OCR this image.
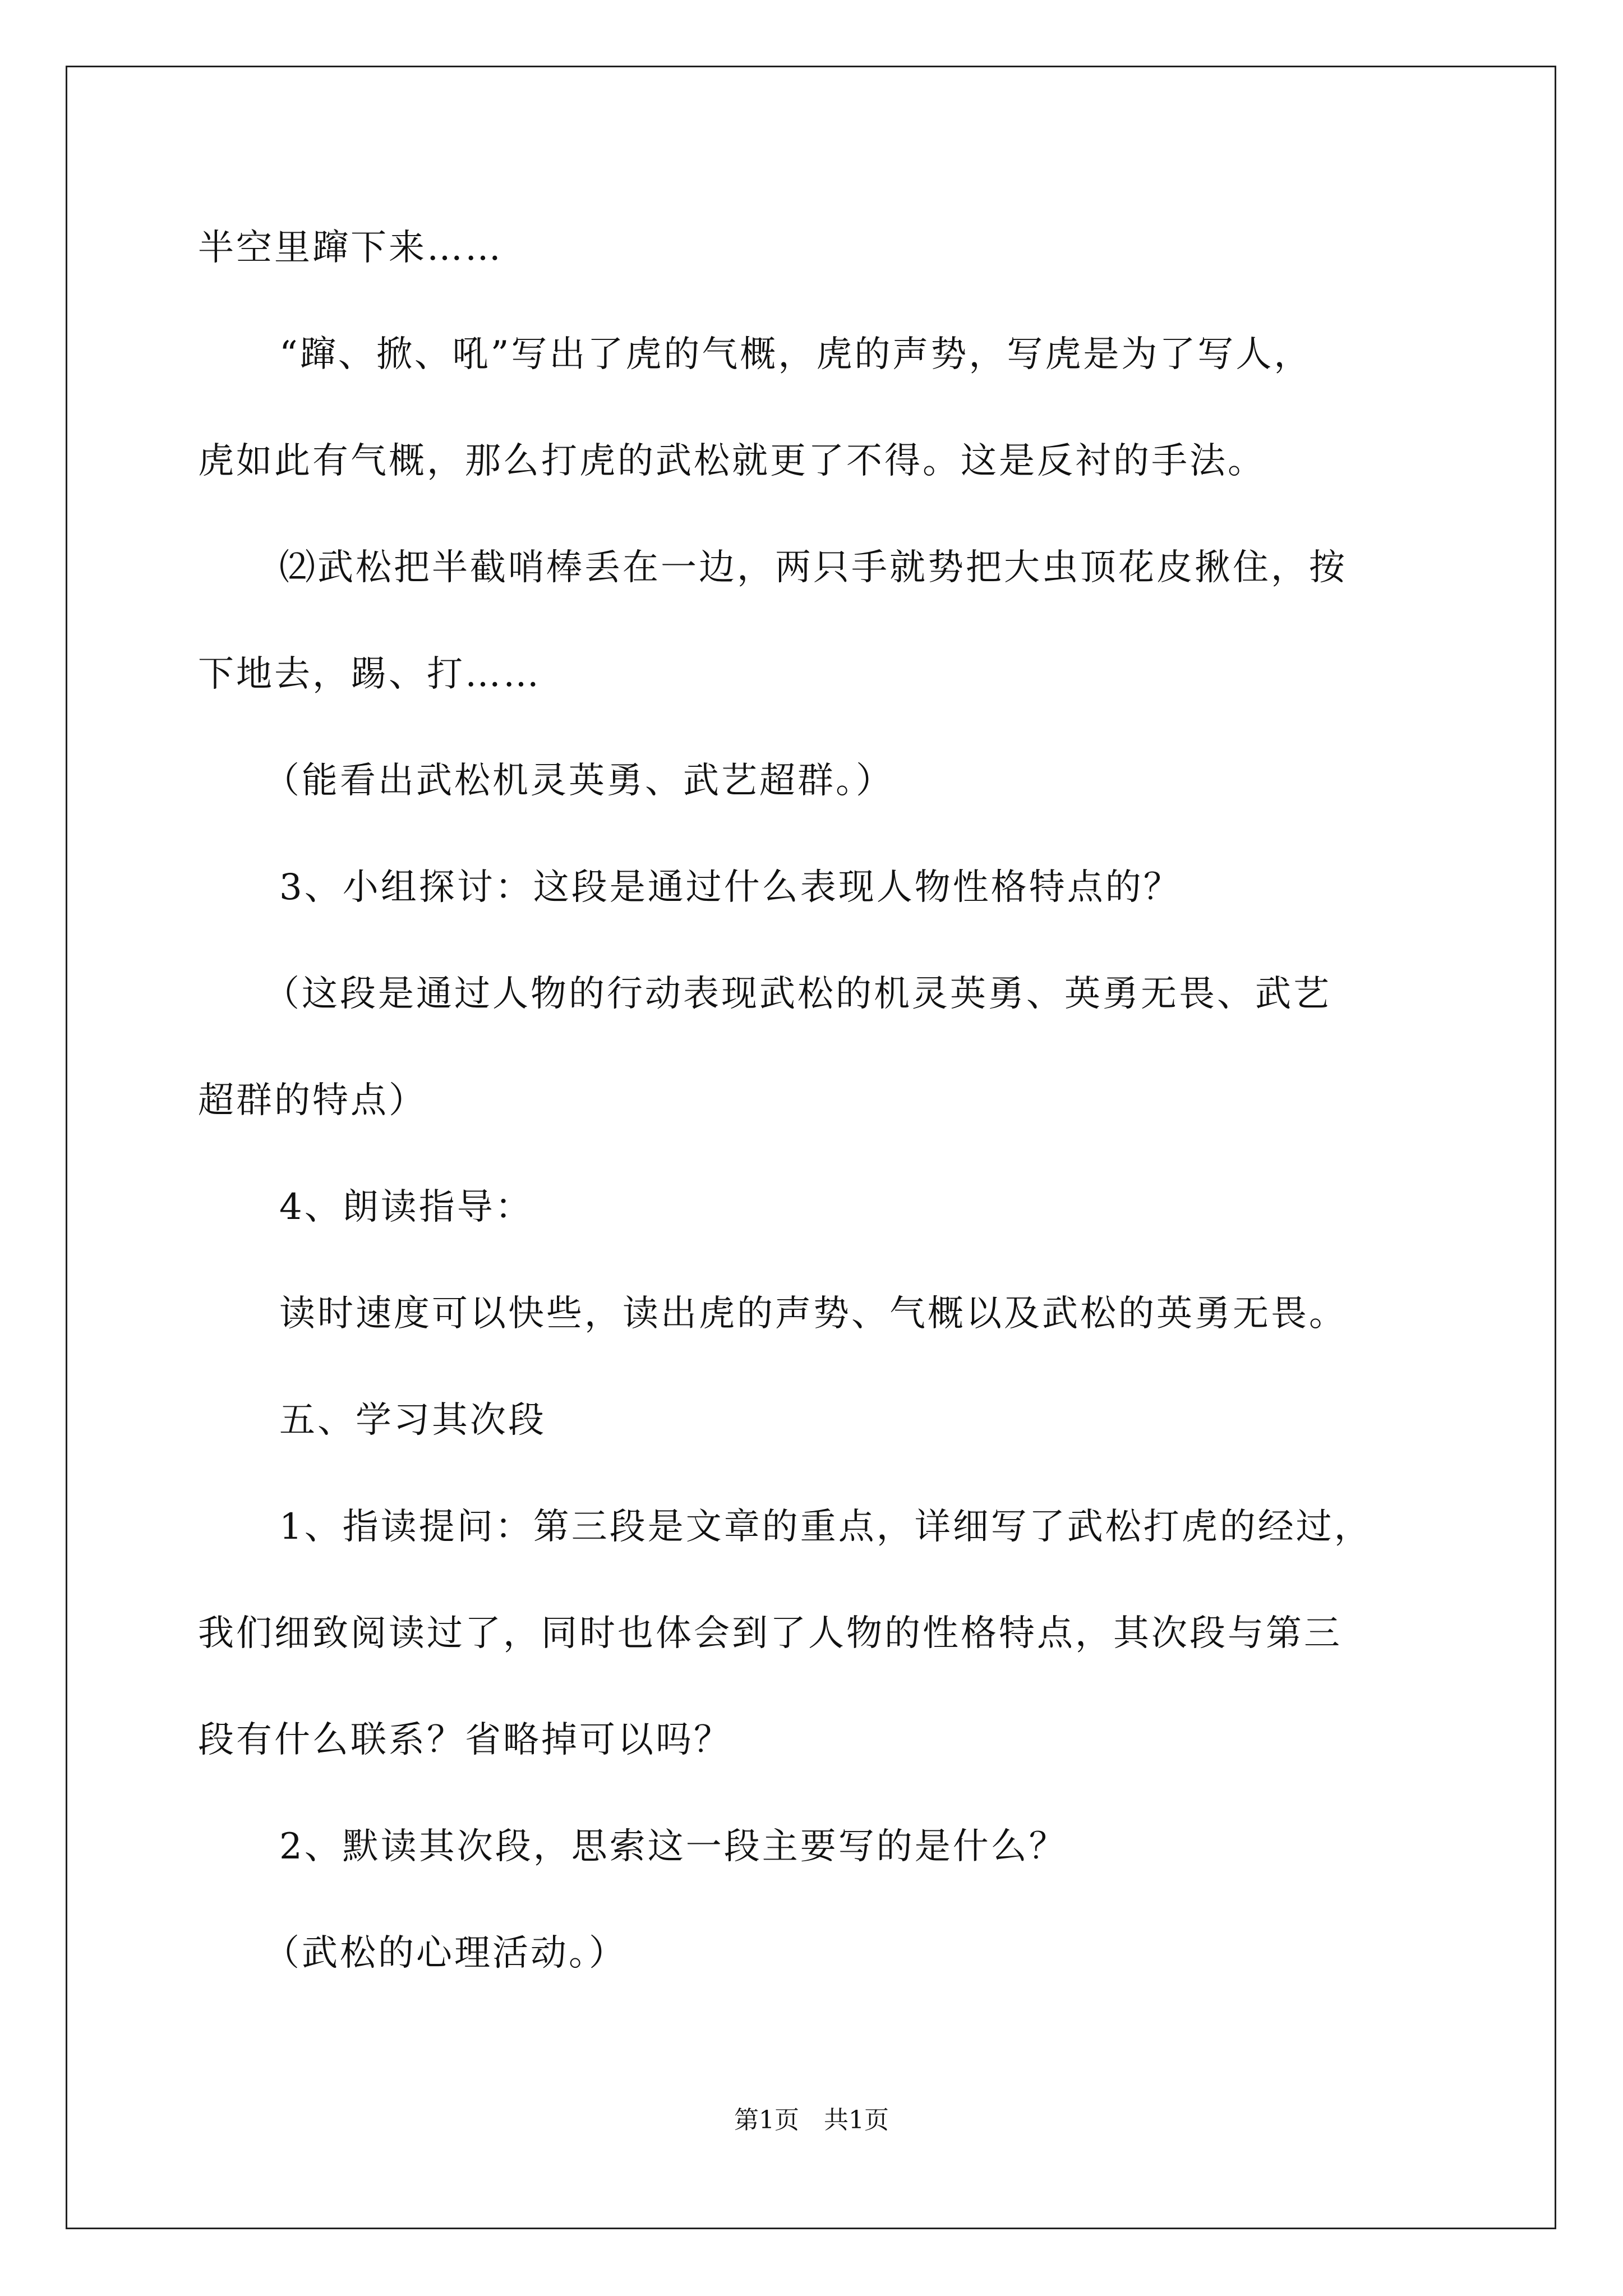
半空里蹿下来……
“蹿、掀、吼”写出了虎的气概，虎的声势，写虎是为了写人，
虎如此有气概，那么打虎的武松就更了不得。这是反衬的手法。
⑵武松把半截哨棒丢在一边，两只手就势把大虫顶花皮揪住，按
下地去，踢、打……
（能看出武松机灵英勇、武艺超群。）
3、小组探讨：这段是通过什么表现人物性格特点的？
（这段是通过人物的行动表现武松的机灵英勇、英勇无畏、武艺
超群的特点）
4、朗读指导：
读时速度可以快些，读出虎的声势、气概以及武松的英勇无畏。
五、学习其次段
1、指读提问：第三段是文章的重点，详细写了武松打虎的经过，
我们细致阅读过了，同时也体会到了人物的性格特点，其次段与第三
段有什么联系？省略掉可以吗？
2、默读其次段，思索这一段主要写的是什么？
（武松的心理活动。）
第1页　共1页
